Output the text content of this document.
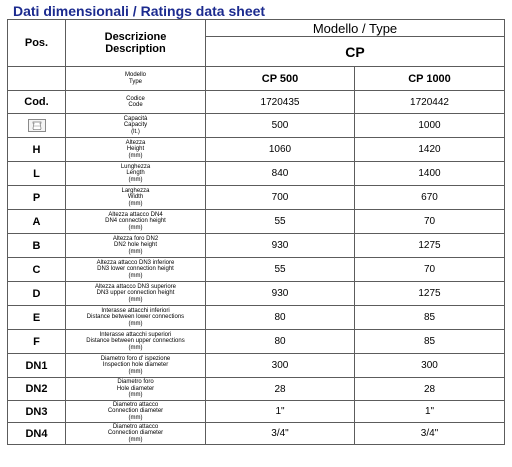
Dati dimensionali / Ratings data sheet
Pos.	Descrizione
Description	Modello / Type	
		CP	

	Modello
Type	CP 500	CP 1000
Cod.	Codice
Code	1720435	1720442

Capacità
Capacity
(lt.)	500	1000
H	Altezza
Height
(mm)	1060	1420
L	Lunghezza
Length
(mm)	840	1400
P	Larghezza
Width
(mm)	700	670
A	Altezza attacco DN4
DN4 connection height
(mm)	55	70
B	Altezza foro DN2
DN2 hole height
(mm)	930	1275
C	Altezza attacco DN3 inferiore
DN3 lower connection height
(mm)	55	70
D	Altezza attacco DN3 superiore
DN3 upper connection height
(mm)	930	1275
E	Interasse attacchi inferiori
Distance between lower connections
(mm)	80	85
F	Interasse attacchi superiori
Distance between upper connections
(mm)	80	85
DN1	Diametro foro d' ispezione
Inspection hole diameter
(mm)	300	300
DN2	Diametro foro
Hole diameter
(mm)	28	28
DN3	Diametro attacco
Connection diameter
(mm)	1"	1"
DN4	Diametro attacco
Connection diameter
(mm)	3/4"	3/4"
